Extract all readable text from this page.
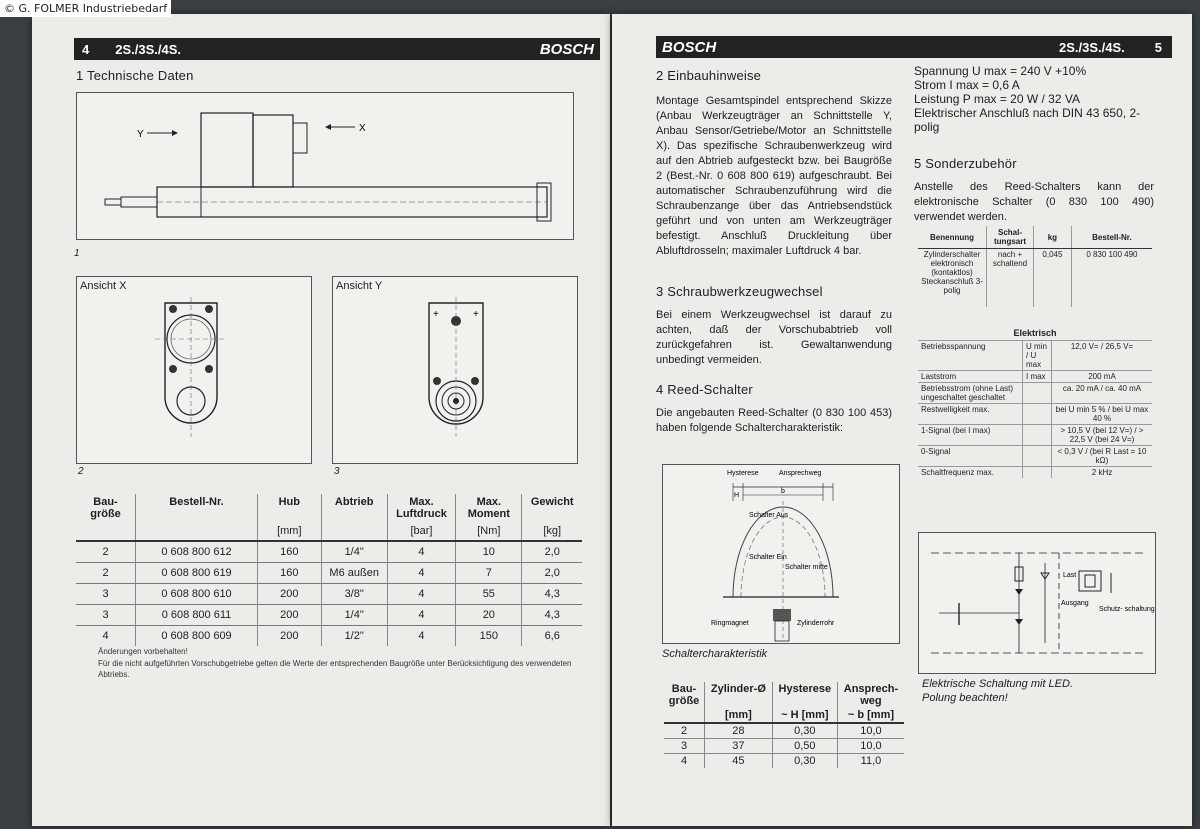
© G. FOLMER Industriebedarf
4 2S./3S./4S.	BOSCH
1 Technische Daten
Y
X
1
Ansicht X	Ansicht Y
+	+
2	3
Bau-
größe	Bestell-Nr.	Hub	Abtrieb	Max.
Luftdruck	Max.
Moment	Gewicht
		[mm]		[bar]	[Nm]	[kg]
2	0 608 800 612	160	1/4"	4	10	2,0
2	0 608 800 619	160	M6 außen	4	7	2,0
3	0 608 800 610	200	3/8"	4	55	4,3
3	0 608 800 611	200	1/4"	4	20	4,3
4	0 608 800 609	200	1/2"	4	150	6,6
Änderungen vorbehalten!
Für die nicht aufgeführten Vorschubgetriebe gelten die Werte der entsprechenden Baugröße unter Berücksichtigung des verwendeten Abtriebs.
BOSCH	2S./3S./4S. 5
2 Einbauhinweise

Montage Gesamtspindel entsprechend Skizze (Anbau Werkzeugträger an Schnittstelle Y, Anbau Sensor/Getriebe/Motor an Schnittstelle X). Das spezifische Schraubenwerkzeug wird auf den Abtrieb aufgesteckt bzw. bei Baugröße 2 (Best.-Nr. 0 608 800 619) aufgeschraubt. Bei automatischer Schraubenzuführung wird die Schraubenzange über das Antriebsendstück geführt und von unten am Werkzeugträger befestigt. Anschluß Druckleitung über Abluftdrosseln; maximaler Luftdruck 4 bar.

3 Schraubwerkzeugwechsel

Bei einem Werkzeugwechsel ist darauf zu achten, daß der Vorschubabtrieb voll zurückgefahren ist. Gewaltanwendung unbedingt vermeiden.

4 Reed-Schalter

Die angebauten Reed-Schalter (0 830 100 453) haben folgende Schaltercharakteristik:

Hysterese	Ansprechweg
H
b
Schalter Aus
Schalter Ein
Schalter mitte
Ringmagnet	Zylinderrohr
Schaltercharakteristik
Bau-
größe	Zylinder-Ø	Hysterese	Ansprech-
weg
	[mm]	~ H [mm]	~ b [mm]
2	28	0,30	10,0
3	37	0,50	10,0
4	45	0,30	11,0
Spannung U max = 240 V +10%
Strom I max = 0,6 A
Leistung P max = 20 W / 32 VA
Elektrischer Anschluß nach DIN 43 650, 2-polig
5 Sonderzubehör

Anstelle des Reed-Schalters kann der elektronische Schalter (0 830 100 490) verwendet werden.

Benennung	Schal-
tungsart	kg	Bestell-Nr.
Zylinderschalter elektronisch (kontaktlos) Steckanschluß 3-polig	nach + schaltend	0,045	0 830 100 490
Elektrisch
Betriebsspannung	U min / U max	12,0 V= / 26,5 V=
Laststrom	I max	200 mA
Betriebsstrom (ohne Last) ungeschaltet geschaltet		ca. 20 mA / ca. 40 mA
Restwelligkeit max.		bei U min 5 % / bei U max 40 %
1-Signal (bei I max)		> 10,5 V (bei 12 V=) / > 22,5 V (bei 24 V=)
0-Signal		< 0,3 V / (bei R Last = 10 kΩ)
Schaltfrequenz max.		2 kHz
Last
Ausgang
Schutz- schaltung
Elektrische Schaltung mit LED.
Polung beachten!
